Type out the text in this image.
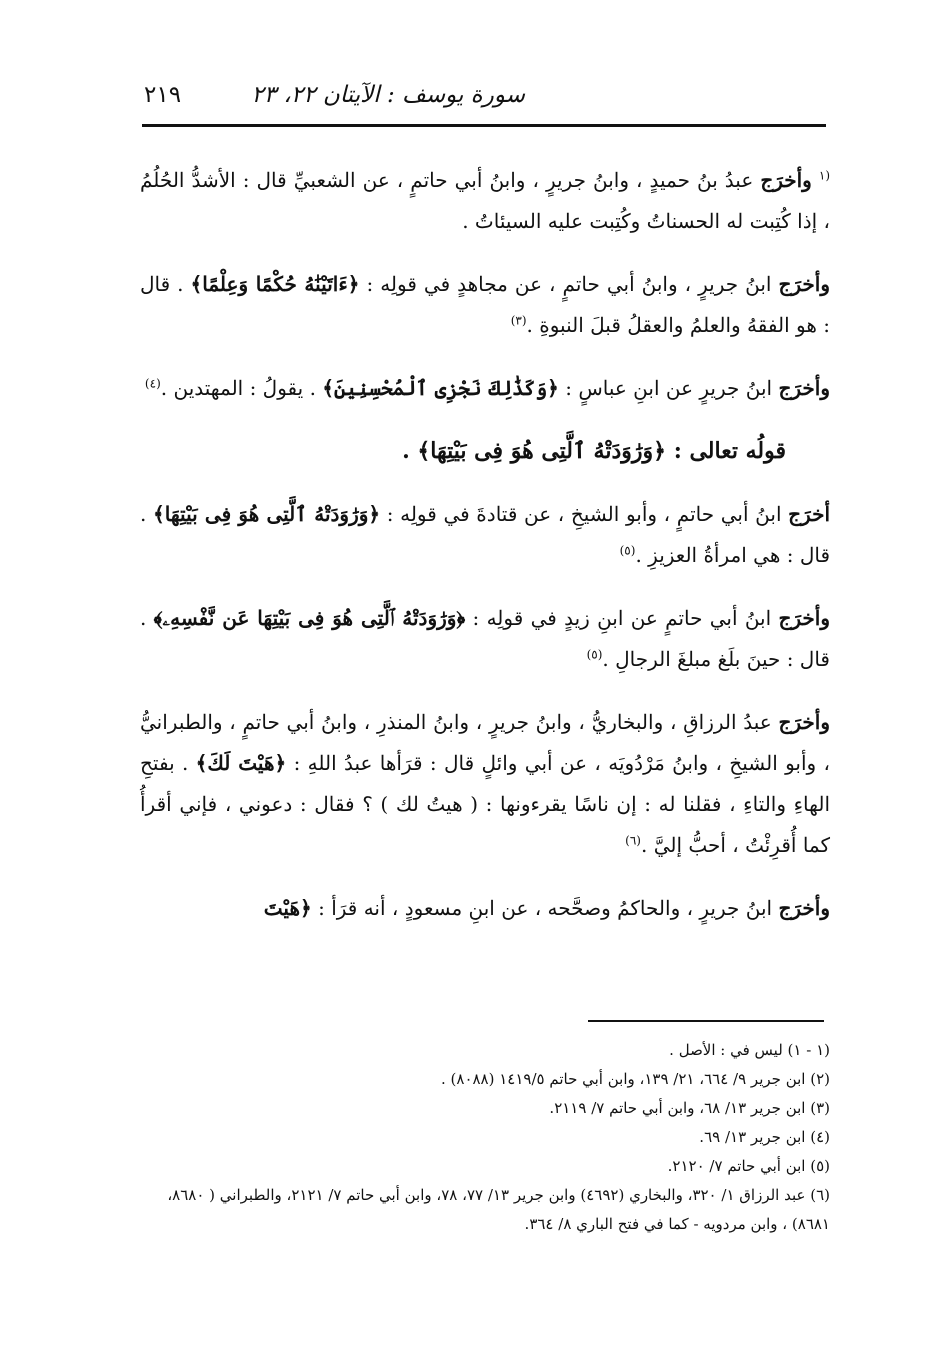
سورة يوسف : الآيتان ٢٢، ٢٣
٢١٩

$^{(١}$ وأخرَج عبدُ بنُ حميدٍ ، وابنُ جريرٍ ، وابنُ أبي حاتمٍ ، عن الشعبيِّ قال : الأشدُّ الحُلُمُ ، إذا كُتِبت له الحسناتُ وكُتِبت عليه السيئاتُ .

وأخرَج ابنُ جريرٍ ، وابنُ أبي حاتمٍ ، عن مجاهدٍ في قولِه : ﴿ءَاتَيْنَٰهُ حُكْمًا وَعِلْمًا﴾ . قال : هو الفقهُ والعلمُ والعقلُ قبلَ النبوةِ .$^{(٣)}$

وأخرَج ابنُ جريرٍ عن ابنِ عباسٍ : ﴿وَكَذَٰلِكَ نَجْزِى ٱلْمُحْسِنِينَ﴾ . يقولُ : المهتدين .$^{(٤)}$

قولُه تعالى : ﴿وَرَٰوَدَتْهُ ٱلَّتِى هُوَ فِى بَيْتِهَا﴾ .

أخرَج ابنُ أبي حاتمٍ ، وأبو الشيخِ ، عن قتادةَ في قولِه : ﴿وَرَٰوَدَتْهُ ٱلَّتِى هُوَ فِى بَيْتِهَا﴾ . قال : هي امرأةُ العزيزِ .$^{(٥)}$

وأخرَج ابنُ أبي حاتمٍ عن ابنِ زيدٍ في قولِه : ﴿وَرَٰوَدَتْهُ ٱلَّتِى هُوَ فِى بَيْتِهَا عَن نَّفْسِهِۦ﴾ . قال : حينَ بلَغ مبلغَ الرجالِ .$^{(٥)}$

وأخرَج عبدُ الرزاقِ ، والبخاريُّ ، وابنُ جريرٍ ، وابنُ المنذرِ ، وابنُ أبي حاتمٍ ، والطبرانيُّ ، وأبو الشيخِ ، وابنُ مَرْدُويَه ، عن أبي وائلٍ قال : قرَأها عبدُ اللهِ : ﴿هَيْتَ لَكَ﴾ . بفتحِ الهاءِ والتاءِ ، فقلنا له : إن ناسًا يقرءونها : ( هيتُ لك ) ؟ فقال : دعوني ، فإني أقرأُ كما أُقرِئْتُ ، أحبُّ إليَّ .$^{(٦)}$

وأخرَج ابنُ جريرٍ ، والحاكمُ وصحَّحه ، عن ابنِ مسعودٍ ، أنه قرَأ : ﴿هَيْتَ

(١ - ١) ليس في : الأصل .

(٢) ابن جرير ٩/ ٦٦٤، ٢١/ ١٣٩، وابن أبي حاتم ١٤١٩/٥ (٨٠٨٨) .

(٣) ابن جرير ١٣/ ٦٨، وابن أبي حاتم ٧/ ٢١١٩.

(٤) ابن جرير ١٣/ ٦٩.

(٥) ابن أبي حاتم ٧/ ٢١٢٠.

(٦) عبد الرزاق ١/ ٣٢٠، والبخاري (٤٦٩٢) وابن جرير ١٣/ ٧٧، ٧٨، وابن أبي حاتم ٧/ ٢١٢١، والطبراني ( ٨٦٨٠، ٨٦٨١) ، وابن مردويه - كما في فتح الباري ٨/ ٣٦٤.
